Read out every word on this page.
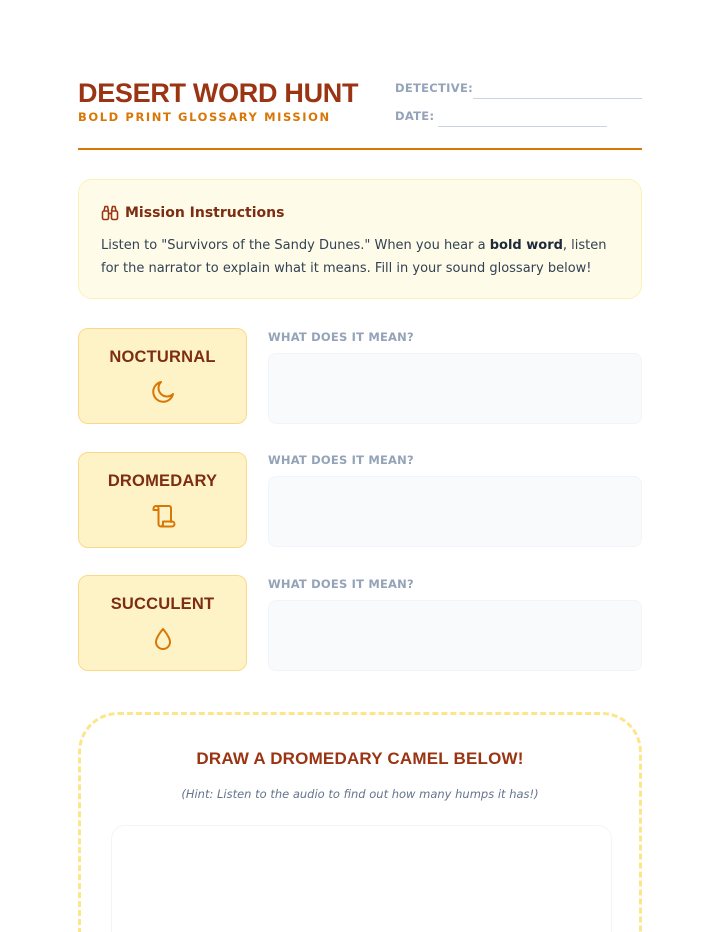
DESERT WORD HUNT
BOLD PRINT GLOSSARY MISSION
DETECTIVE:
DATE:
Mission Instructions
Listen to "Survivors of the Sandy Dunes." When you hear a bold word, listen for the narrator to explain what it means. Fill in your sound glossary below!
NOCTURNAL
WHAT DOES IT MEAN?
DROMEDARY
WHAT DOES IT MEAN?
SUCCULENT
WHAT DOES IT MEAN?
DRAW A DROMEDARY CAMEL BELOW!
(Hint: Listen to the audio to find out how many humps it has!)
